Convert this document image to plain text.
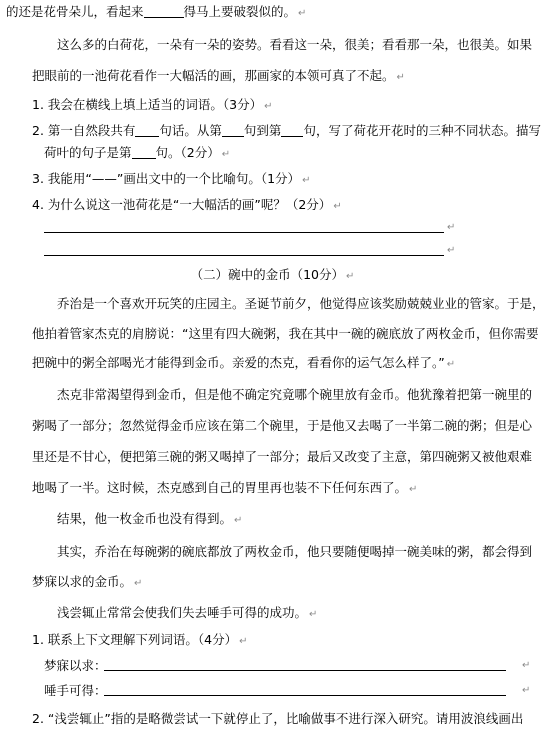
的还是花骨朵儿，看起来	得马上要破裂似的。 ↵
这么多的白荷花，一朵有一朵的姿势。看看这一朵，很美；看看那一朵，也很美。如果
把眼前的一池荷花看作一大幅活的画，那画家的本领可真了不起。 ↵
1. 我会在横线上填上适当的词语。（3分） ↵
2. 第一自然段共有 句话。从第 句到第 句，写了荷花开花时的三种不同状态。描写
荷叶的句子是第 句。（2分） ↵
3. 我能用“——”画出文中的一个比喻句。（1分） ↵
4. 为什么说这一池荷花是“一大幅活的画”呢？（2分） ↵
↵
↵
（二）碗中的金币（10分） ↵
乔治是一个喜欢开玩笑的庄园主。圣诞节前夕，他觉得应该奖励兢兢业业的管家。于是，
他拍着管家杰克的肩膀说：“这里有四大碗粥，我在其中一碗的碗底放了两枚金币，但你需要
把碗中的粥全部喝光才能得到金币。亲爱的杰克，看看你的运气怎么样了。” ↵
杰克非常渴望得到金币，但是他不确定究竟哪个碗里放有金币。他犹豫着把第一碗里的
粥喝了一部分；忽然觉得金币应该在第二个碗里，于是他又去喝了一半第二碗的粥；但是心
里还是不甘心，便把第三碗的粥又喝掉了一部分；最后又改变了主意，第四碗粥又被他艰难
地喝了一半。这时候，杰克感到自己的胃里再也装不下任何东西了。 ↵
结果，他一枚金币也没有得到。 ↵
其实，乔治在每碗粥的碗底都放了两枚金币，他只要随便喝掉一碗美味的粥，都会得到
梦寐以求的金币。 ↵
浅尝辄止常常会使我们失去唾手可得的成功。 ↵
1. 联系上下文理解下列词语。（4分） ↵
梦寐以求：	↵
唾手可得：	↵
2. “浅尝辄止”指的是略微尝试一下就停止了，比喻做事不进行深入研究。请用波浪线画出
